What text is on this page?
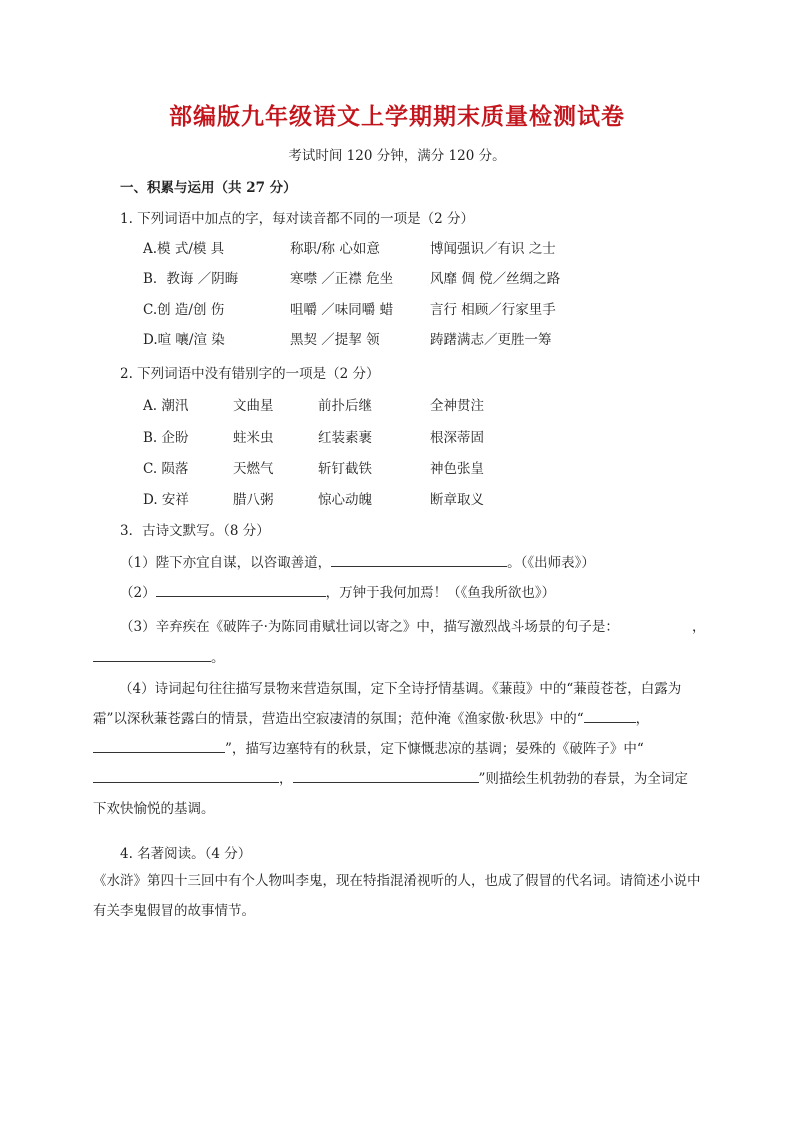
部编版九年级语文上学期期末质量检测试卷
考试时间 120 分钟，满分 120 分。
一、积累与运用（共 27 分）
1. 下列词语中加点的字，每对读音都不同的一项是（2 分）
A.模 式/模 具	称职/称 心如意	博闻强识／有识 之士
B．教诲 ／阴晦	寒噤 ／正襟 危坐	风靡 倜 傥／丝绸之路
C.创 造/创 伤	咀嚼 ／味同嚼 蜡	言行 相顾／行家里手
D.喧 嚷/渲 染	黑契 ／提挈 领	踌躇满志／更胜一筹
2. 下列词语中没有错别字的一项是（2 分）
A. 潮汛	文曲星	前扑后继	全神贯注
B. 企盼	蛀米虫	红装素裹	根深蒂固
C. 陨落	天燃气	斩钉截铁	神色张皇
D. 安祥	腊八粥	惊心动魄	断章取义
3．古诗文默写。（8 分）
（1）陛下亦宜自谋，以咨诹善道，	。（《出师表》）
（2）	，万钟于我何加焉！（《鱼我所欲也》）
（3）辛弃疾在《破阵子·为陈同甫赋壮词以寄之》中，描写激烈战斗场景的句子是：	，
。
（4）诗词起句往往描写景物来营造氛围，定下全诗抒情基调。《蒹葭》中的“蒹葭苍苍，白露为霜”以深秋蒹苍露白的情景，营造出空寂凄清的氛围；范仲淹《渔家傲·秋思》中的“	，”，描写边塞特有的秋景，定下慷慨悲凉的基调；晏殊的《破阵子》中“，	”则描绘生机勃勃的春景，为全词定下欢快愉悦的基调。
4. 名著阅读。（4 分）
《水浒》第四十三回中有个人物叫李鬼，现在特指混淆视听的人，也成了假冒的代名词。请简述小说中有关李鬼假冒的故事情节。
